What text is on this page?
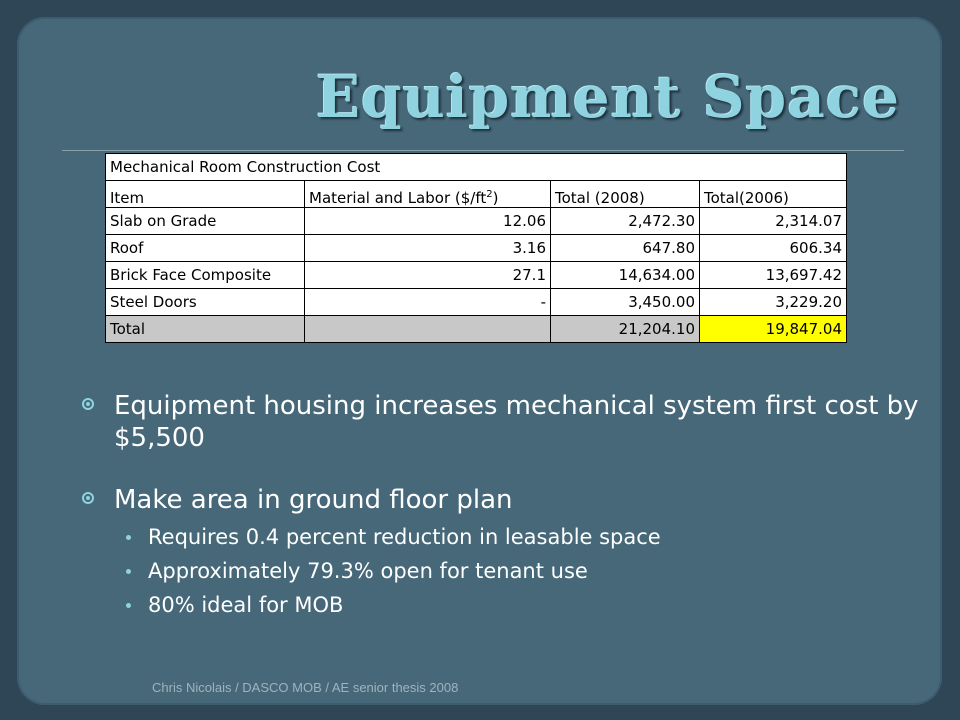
Equipment Space
Mechanical Room Construction Cost			
Item	Material and Labor $(\$/ft^2)$	Total (2008)	Total(2006)
Slab on Grade	12.06	2,472.30	2,314.07
Roof	3.16	647.80	606.34
Brick Face Composite	27.1	14,634.00	13,697.42
Steel Doors	-	3,450.00	3,229.20
Total		21,204.10	19,847.04
Equipment housing increases mechanical system first cost by $5,500
Make area in ground floor plan
Requires 0.4 percent reduction in leasable space
Approximately 79.3% open for tenant use
80% ideal for MOB
Chris Nicolais / DASCO MOB / AE senior thesis 2008
